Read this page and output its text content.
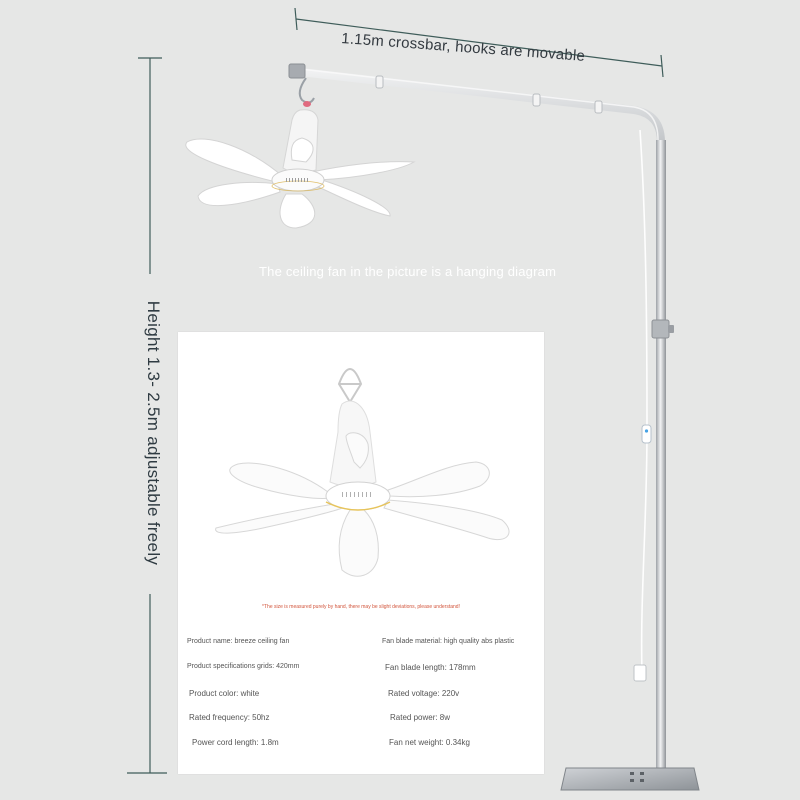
1.15m crossbar, hooks are movable
Height 1.3- 2.5m adjustable freely
The ceiling fan in the picture is a hanging diagram
*The size is measured purely by hand, there may be slight deviations, please understand!
Product name: breeze ceiling fan
Product specifications grids: 420mm
Product color: white
Rated frequency: 50hz
Power cord length: 1.8m
Fan blade material: high quality abs plastic
Fan blade length: 178mm
Rated voltage: 220v
Rated power: 8w
Fan net weight: 0.34kg
